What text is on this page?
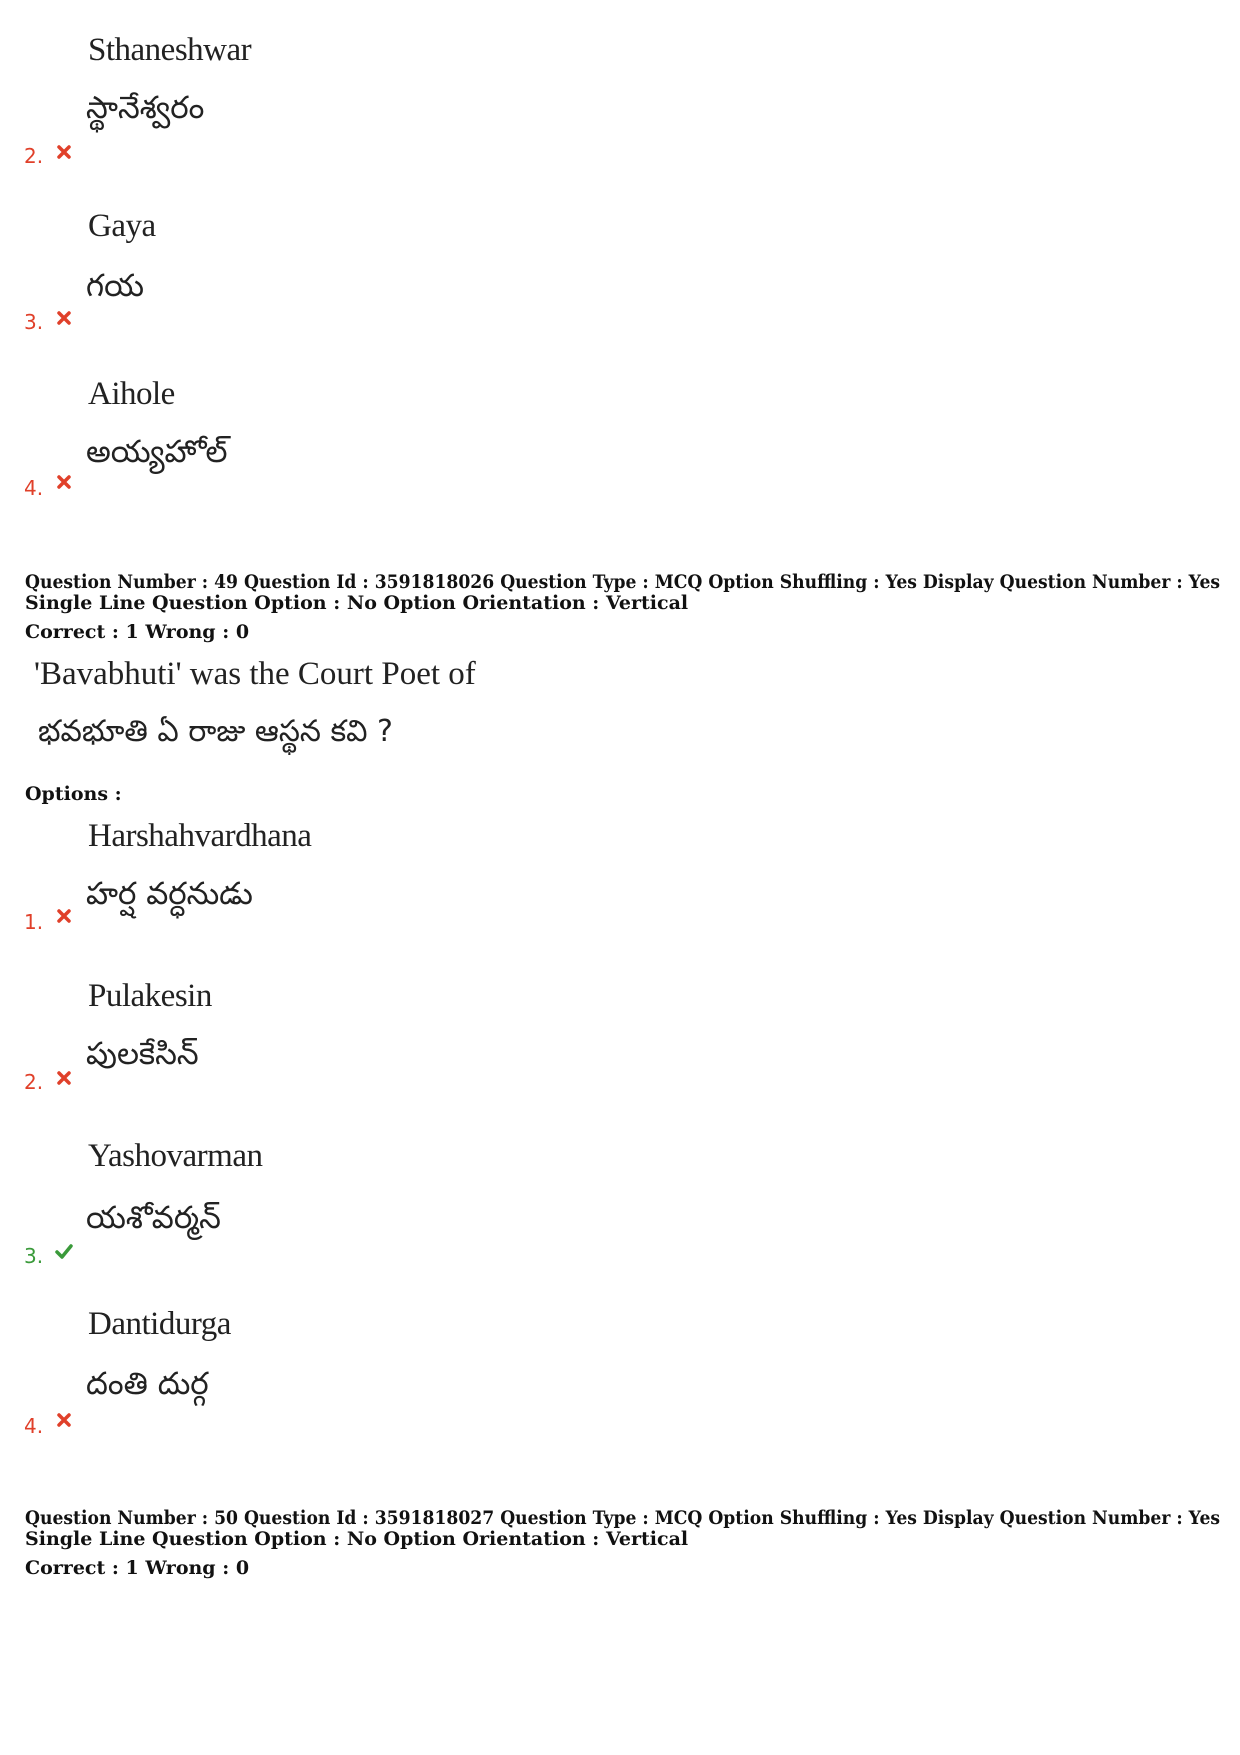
Sthaneshwar
స్థానేశ్వరం
2.
Gaya
గయ
3.
Aihole
అయ్యహోల్
4.
Question Number : 49 Question Id : 3591818026 Question Type : MCQ Option Shuffling : Yes Display Question Number : Yes
Single Line Question Option : No Option Orientation : Vertical
Correct : 1 Wrong : 0
'Bavabhuti' was the Court Poet of
భవభూతి ఏ రాజు ఆస్థన కవి ?
Options :
Harshahvardhana
హర్ష వర్ధనుడు
1.
Pulakesin
పులకేసిన్
2.
Yashovarman
యశోవర్మన్
3.
Dantidurga
దంతి దుర్గ
4.
Question Number : 50 Question Id : 3591818027 Question Type : MCQ Option Shuffling : Yes Display Question Number : Yes
Single Line Question Option : No Option Orientation : Vertical
Correct : 1 Wrong : 0
